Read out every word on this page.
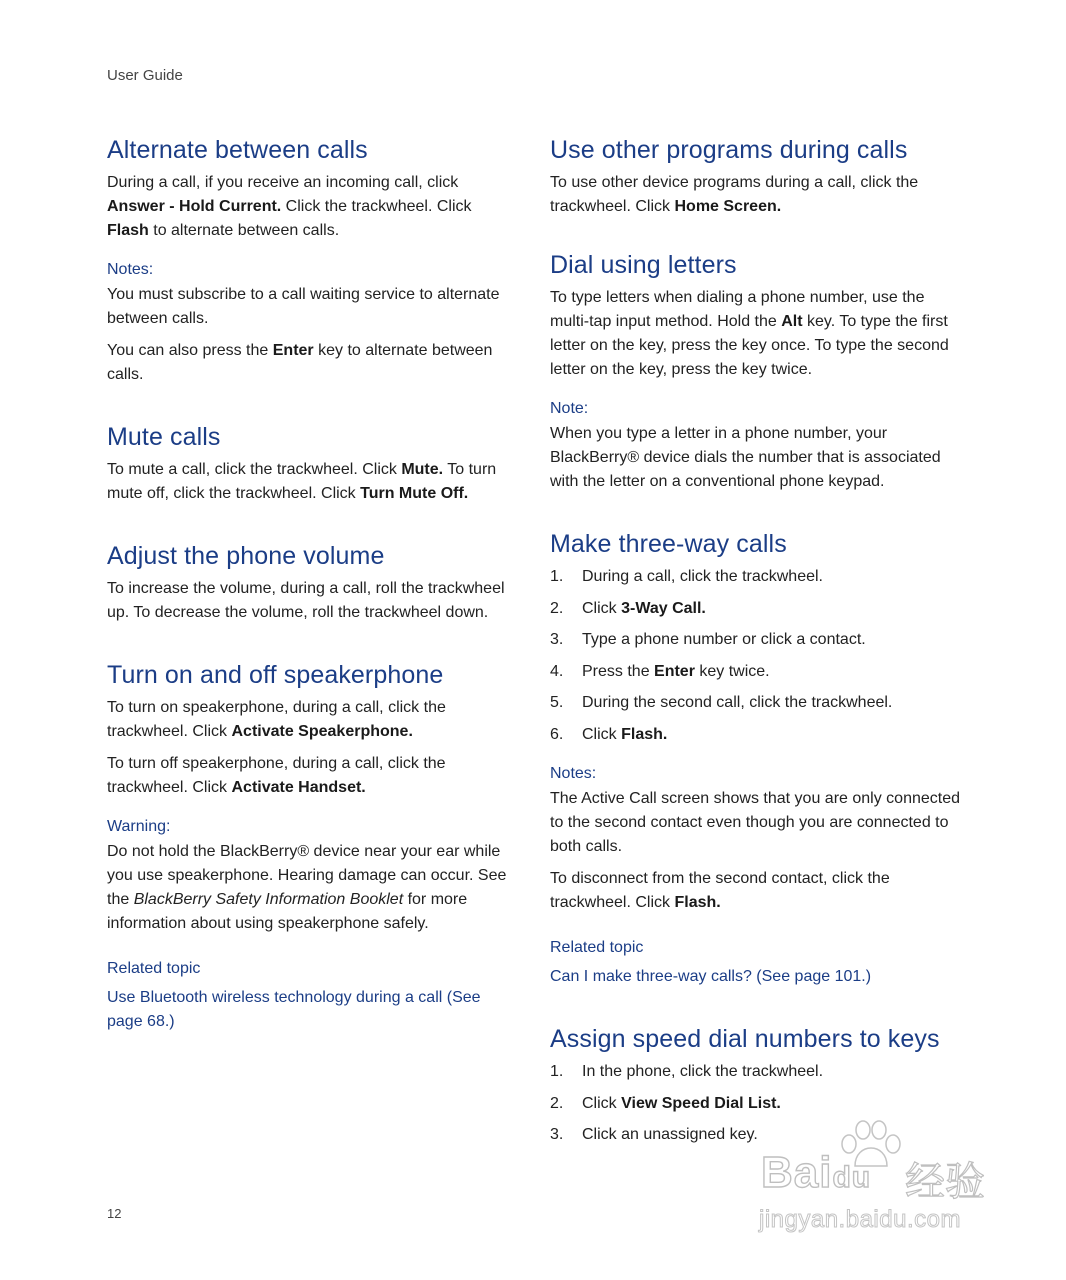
User Guide
Alternate between calls

During a call, if you receive an incoming call, click
Answer - Hold Current. Click the trackwheel. Click
Flash to alternate between calls.

Notes:

You must subscribe to a call waiting service to alternate between calls.

You can also press the Enter key to alternate between calls.

Mute calls

To mute a call, click the trackwheel. Click Mute. To turn mute off, click the trackwheel. Click Turn Mute Off.

Adjust the phone volume

To increase the volume, during a call, roll the trackwheel up. To decrease the volume, roll the trackwheel down.

Turn on and off speakerphone

To turn on speakerphone, during a call, click the trackwheel. Click Activate Speakerphone.

To turn off speakerphone, during a call, click the trackwheel. Click Activate Handset.

Warning:

Do not hold the BlackBerry® device near your ear while you use speakerphone. Hearing damage can occur. See the BlackBerry Safety Information Booklet for more information about using speakerphone safely.

Related topic
Use Bluetooth wireless technology during a call (See page 68.)
Use other programs during calls

To use other device programs during a call, click the trackwheel. Click Home Screen.

Dial using letters

To type letters when dialing a phone number, use the multi-tap input method. Hold the Alt key. To type the first letter on the key, press the key once. To type the second letter on the key, press the key twice.

Note:

When you type a letter in a phone number, your BlackBerry® device dials the number that is associated with the letter on a conventional phone keypad.

Make three-way calls
1. During a call, click the trackwheel.
2. Click 3-Way Call.
3. Type a phone number or click a contact.
4. Press the Enter key twice.
5. During the second call, click the trackwheel.
6. Click Flash.
Notes:

The Active Call screen shows that you are only connected to the second contact even though you are connected to both calls.

To disconnect from the second contact, click the trackwheel. Click Flash.

Related topic
Can I make three-way calls? (See page 101.)
Assign speed dial numbers to keys
1. In the phone, click the trackwheel.
2. Click View Speed Dial List.
3. Click an unassigned key.
12
Baidu 经验
jingyan.baidu.com
